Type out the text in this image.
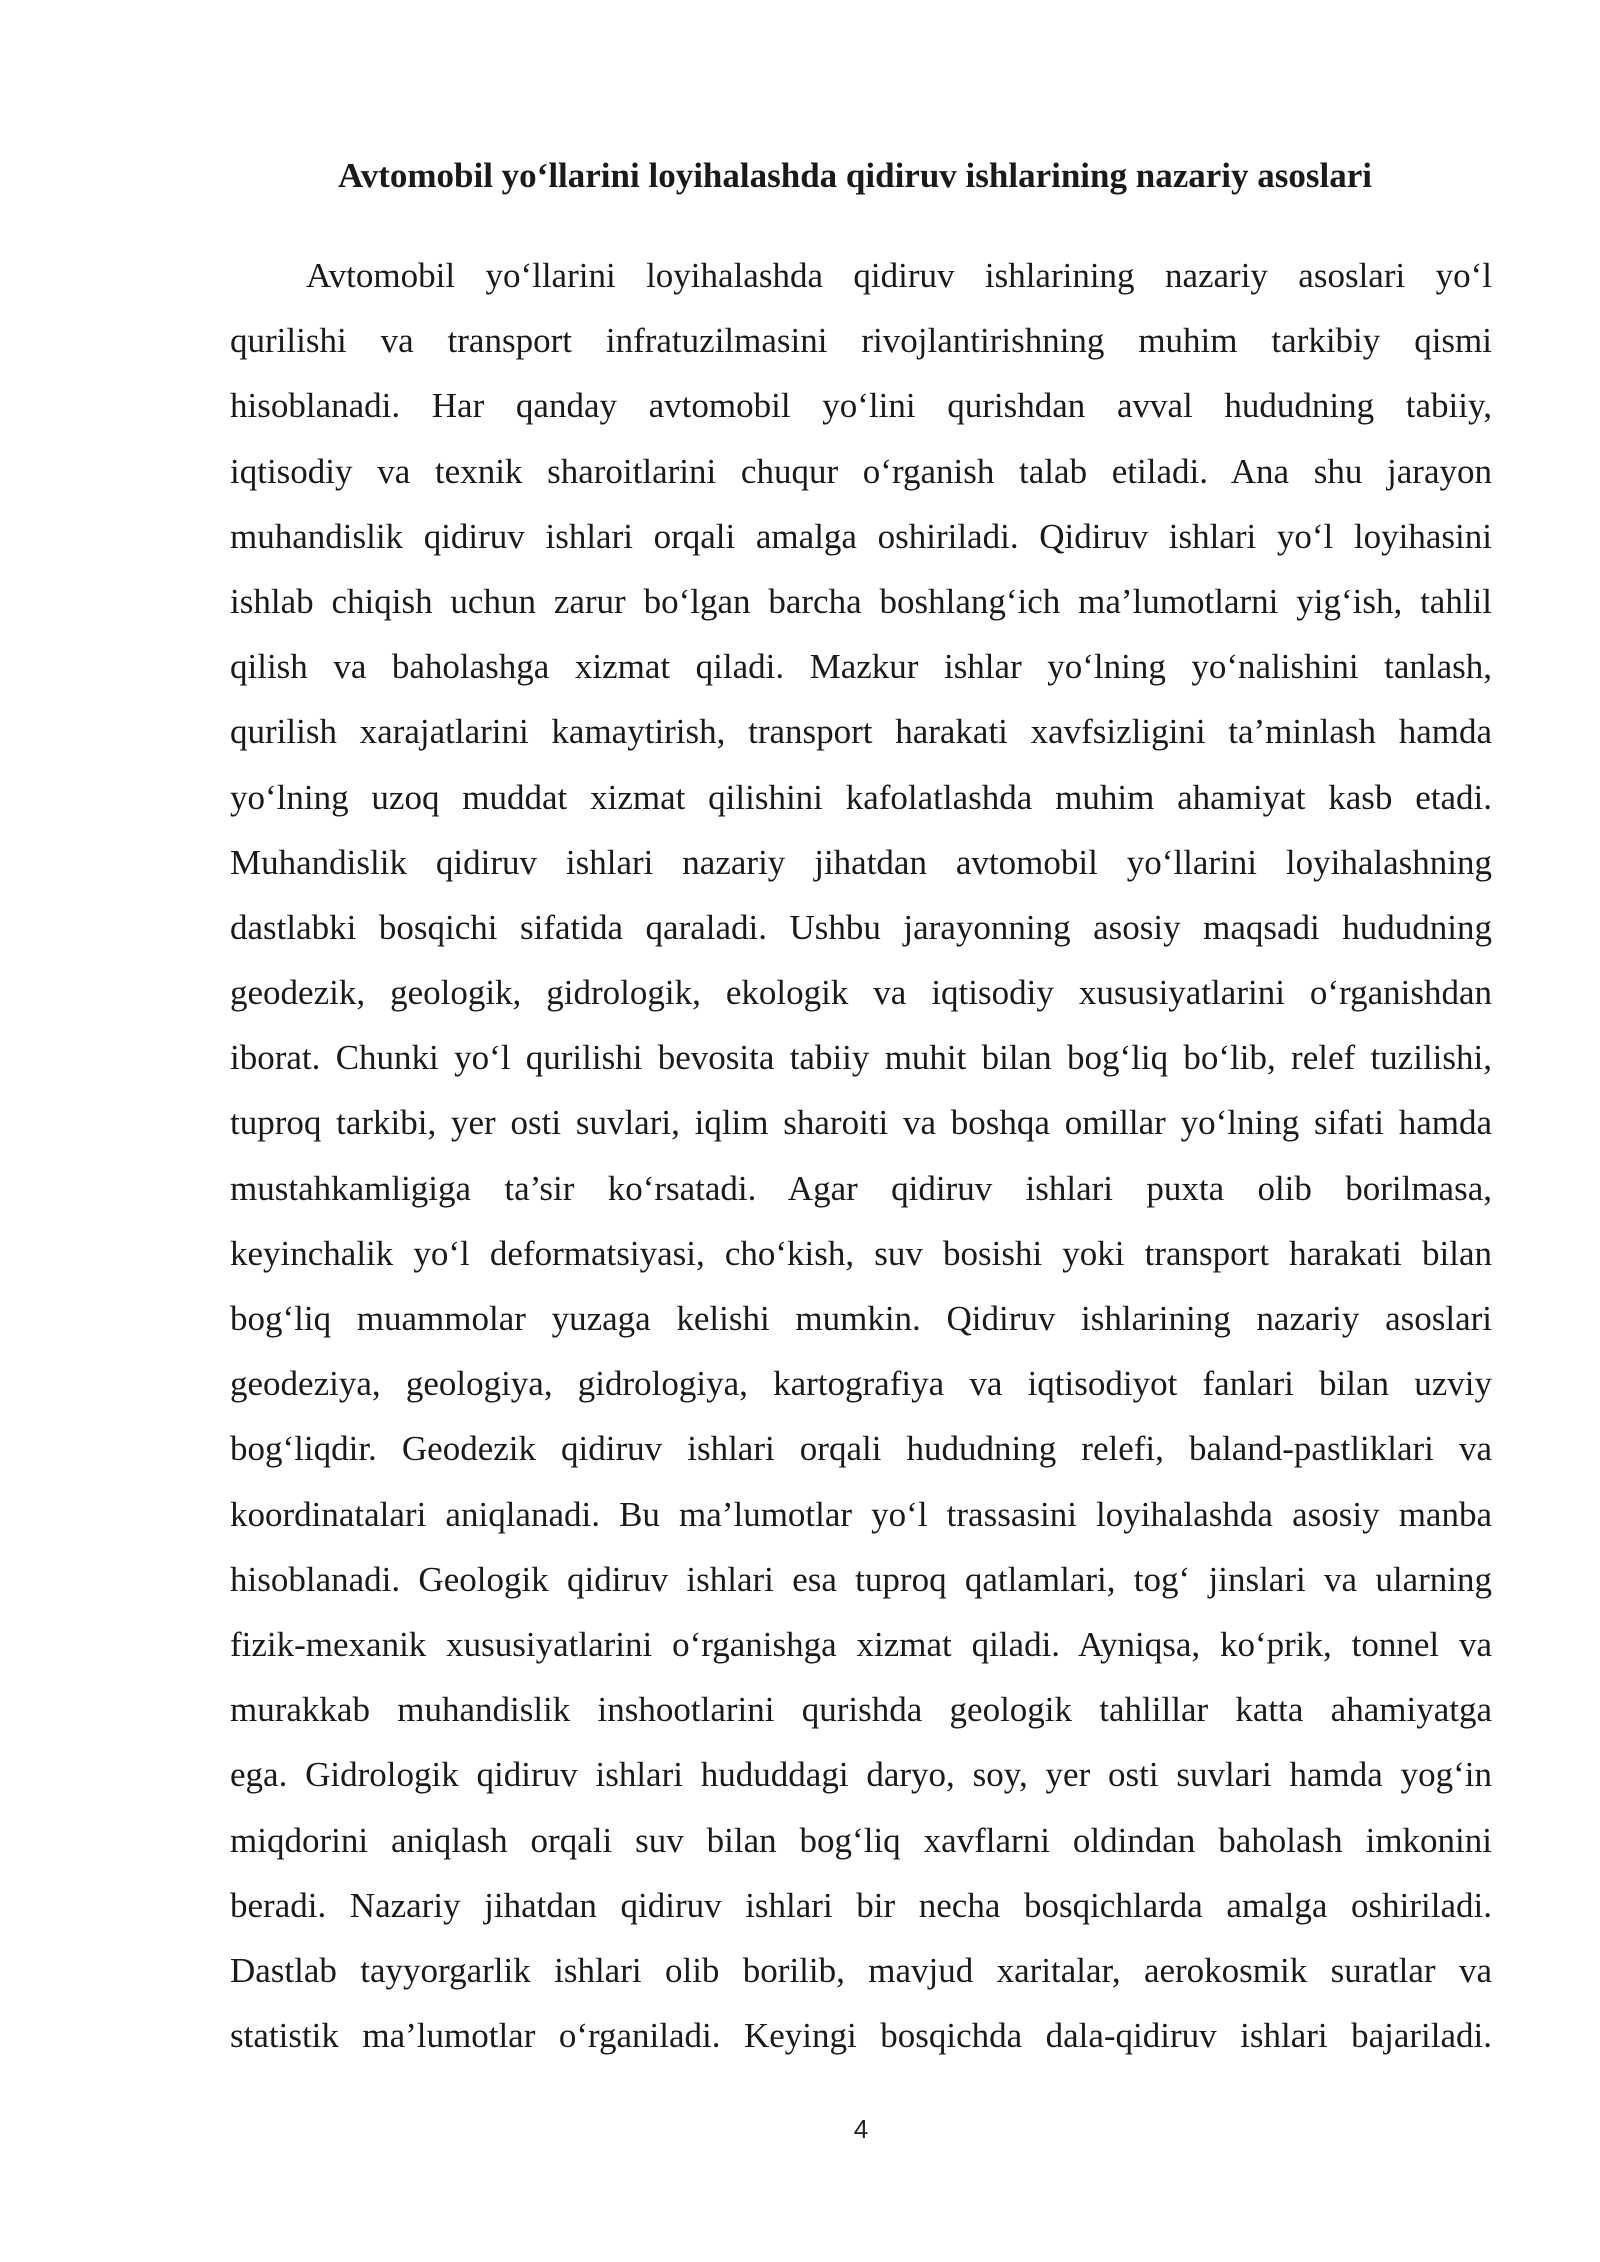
Avtomobil yo‘llarini loyihalashda qidiruv ishlarining nazariy asoslari
Avtomobil yo‘llarini loyihalashda qidiruv ishlarining nazariy asoslari yo‘l
qurilishi va transport infratuzilmasini rivojlantirishning muhim tarkibiy qismi
hisoblanadi. Har qanday avtomobil yo‘lini qurishdan avval hududning tabiiy,
iqtisodiy va texnik sharoitlarini chuqur o‘rganish talab etiladi. Ana shu jarayon
muhandislik qidiruv ishlari orqali amalga oshiriladi. Qidiruv ishlari yo‘l loyihasini
ishlab chiqish uchun zarur bo‘lgan barcha boshlang‘ich ma’lumotlarni yig‘ish, tahlil
qilish va baholashga xizmat qiladi. Mazkur ishlar yo‘lning yo‘nalishini tanlash,
qurilish xarajatlarini kamaytirish, transport harakati xavfsizligini ta’minlash hamda
yo‘lning uzoq muddat xizmat qilishini kafolatlashda muhim ahamiyat kasb etadi.
Muhandislik qidiruv ishlari nazariy jihatdan avtomobil yo‘llarini loyihalashning
dastlabki bosqichi sifatida qaraladi. Ushbu jarayonning asosiy maqsadi hududning
geodezik, geologik, gidrologik, ekologik va iqtisodiy xususiyatlarini o‘rganishdan
iborat. Chunki yo‘l qurilishi bevosita tabiiy muhit bilan bog‘liq bo‘lib, relef tuzilishi,
tuproq tarkibi, yer osti suvlari, iqlim sharoiti va boshqa omillar yo‘lning sifati hamda
mustahkamligiga ta’sir ko‘rsatadi. Agar qidiruv ishlari puxta olib borilmasa,
keyinchalik yo‘l deformatsiyasi, cho‘kish, suv bosishi yoki transport harakati bilan
bog‘liq muammolar yuzaga kelishi mumkin. Qidiruv ishlarining nazariy asoslari
geodeziya, geologiya, gidrologiya, kartografiya va iqtisodiyot fanlari bilan uzviy
bog‘liqdir. Geodezik qidiruv ishlari orqali hududning relefi, baland-pastliklari va
koordinatalari aniqlanadi. Bu ma’lumotlar yo‘l trassasini loyihalashda asosiy manba
hisoblanadi. Geologik qidiruv ishlari esa tuproq qatlamlari, tog‘ jinslari va ularning
fizik-mexanik xususiyatlarini o‘rganishga xizmat qiladi. Ayniqsa, ko‘prik, tonnel va
murakkab muhandislik inshootlarini qurishda geologik tahlillar katta ahamiyatga
ega. Gidrologik qidiruv ishlari hududdagi daryo, soy, yer osti suvlari hamda yog‘in
miqdorini aniqlash orqali suv bilan bog‘liq xavflarni oldindan baholash imkonini
beradi. Nazariy jihatdan qidiruv ishlari bir necha bosqichlarda amalga oshiriladi.
Dastlab tayyorgarlik ishlari olib borilib, mavjud xaritalar, aerokosmik suratlar va
statistik ma’lumotlar o‘rganiladi. Keyingi bosqichda dala-qidiruv ishlari bajariladi.
4
